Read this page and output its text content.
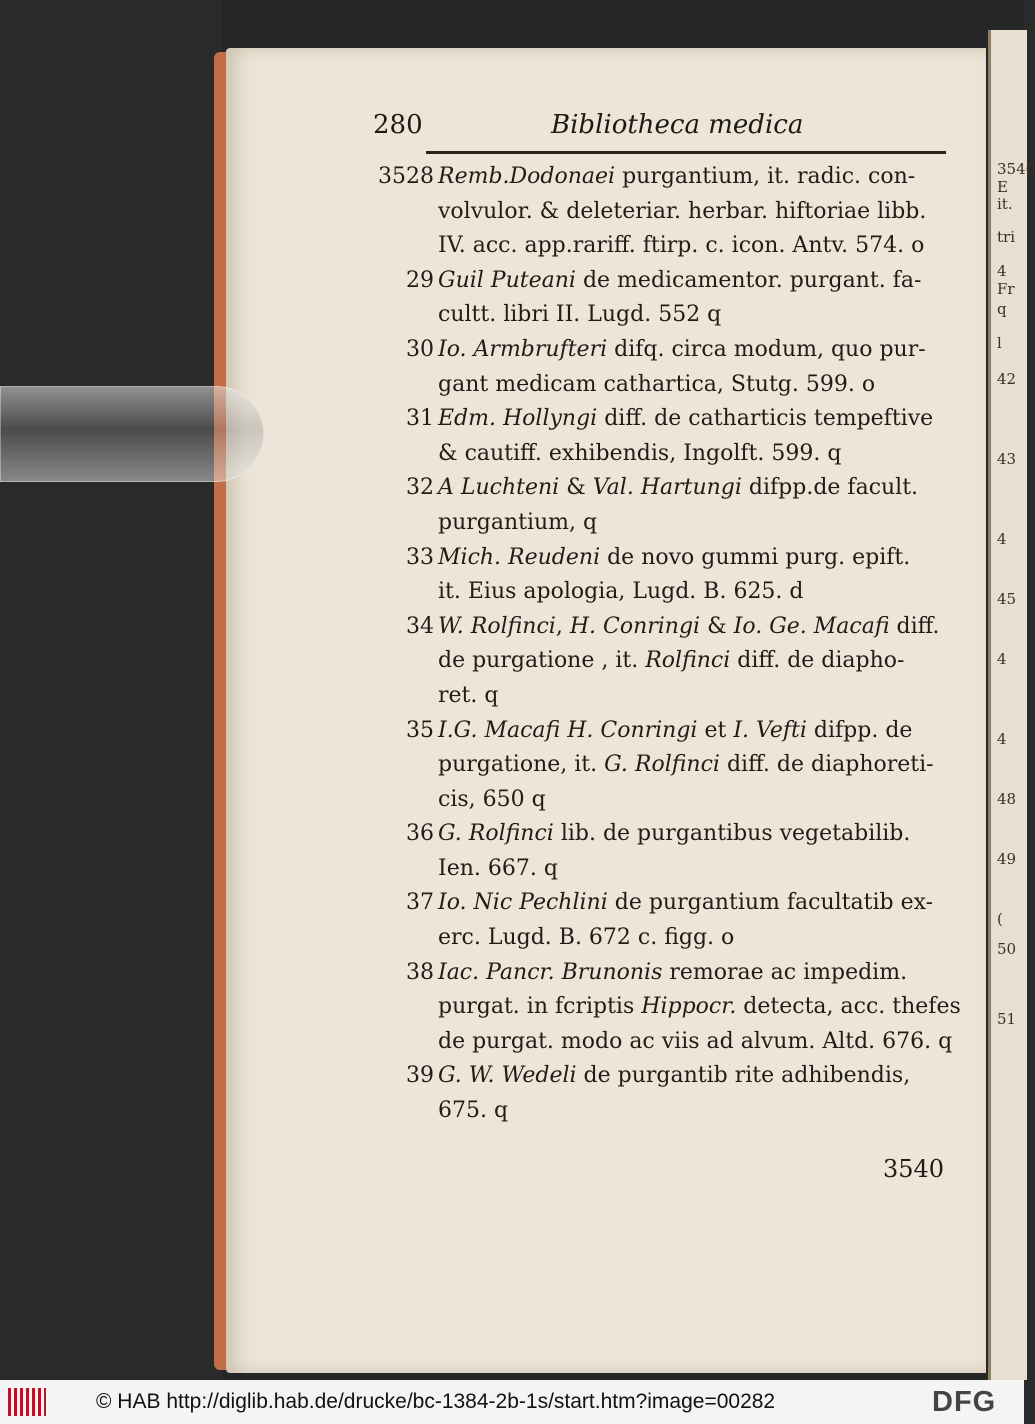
3540 E
it.
tri
4 Fr
q
l
42
43
4
45
4
4
48
49
(
50
51
280	Bibliotheca medica
3528 Remb.Dodonaei purgantium, it. radic. con-
volvulor. & deleteriar. herbar. hiftoriae libb.
IV. acc. app.rariff. ftirp. c. icon. Antv. 574. o
29 Guil Puteani de medicamentor. purgant. fa-
cultt. libri II. Lugd. 552 q
30 Io. Armbrufteri difq. circa modum, quo pur-
gant medicam cathartica, Stutg. 599. o
31 Edm. Hollyngi diff. de catharticis tempeftive
& cautiff. exhibendis, Ingolft. 599. q
32 A Luchteni & Val. Hartungi difpp.de facult.
purgantium, q
33 Mich. Reudeni de novo gummi purg. epift.
it. Eius apologia, Lugd. B. 625. d
34 W. Rolfinci, H. Conringi & Io. Ge. Macafi diff.
de purgatione , it. Rolfinci diff. de diapho-
ret. q
35 I.G. Macafi H. Conringi et I. Vefti difpp. de
purgatione, it. G. Rolfinci diff. de diaphoreti-
cis, 650 q
36 G. Rolfinci lib. de purgantibus vegetabilib.
Ien. 667. q
37 Io. Nic Pechlini de purgantium facultatib ex-
erc. Lugd. B. 672 c. figg. o
38 Iac. Pancr. Brunonis remorae ac impedim.
purgat. in fcriptis Hippocr. detecta, acc. thefes
de purgat. modo ac viis ad alvum. Altd. 676. q
39 G. W. Wedeli de purgantib rite adhibendis,
675. q
3540
© HAB http://diglib.hab.de/drucke/bc-1384-2b-1s/start.htm?image=00282	DFG
